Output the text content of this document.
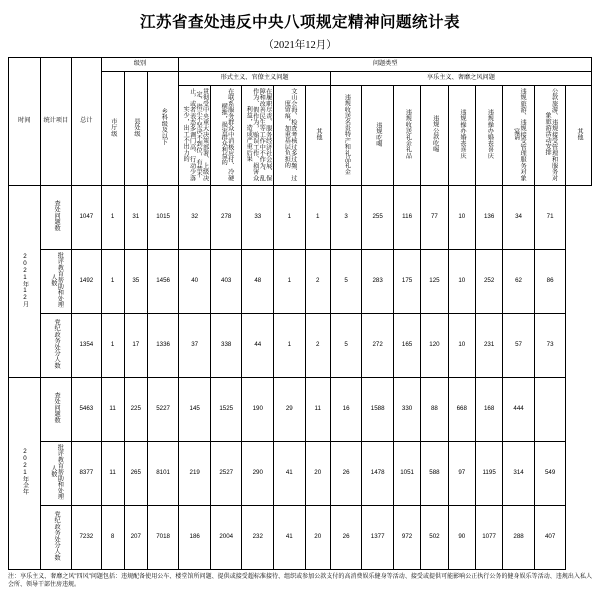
江苏省查处违反中央八项规定精神问题统计表
（2021年12月）
时间	统计项目	总计	级别			问题类型													
			市厅级	县处级	乡科级及以下	形式主义、官僚主义问题					享乐主义、奢靡之风问题								
						贯彻受中央重大决策部署、上级决定、指示不坚决不到位，有禁不止，或者表态多调门高、行动少落实少，出工不出力的	在联系服务群众中消极应付、冷硬横推，损害群众利益的	在履职尽责、服务经济社会展、保障和改善民生等工作中不作为、乱作为、假作为，贻误工作、损害众利益，造成严重后果	文山会海、检查考核过多过频、过度留痕，加重基层负担的	其他	违规收送名贵特产和礼品礼金	违规吃喝	违规收送礼金礼品	违规公款吃喝	违规操办婚丧喜庆	违规操办婚丧喜庆	违规旅游、违规接受管理服务对象宴请	公款旅游、违规接受管理和服务对象旅游活动安排	其他
2021年12月	查处问题数	1047	1	31	1015	32	278	33	1	1	3	255	116	77	10	136	34	71	
	批评教育帮助和处理人数	1492	1	35	1456	40	403	48	1	2	5	283	175	125	10	252	62	86	
	党纪政务处分人数	1354	1	17	1336	37	338	44	1	2	5	272	165	120	10	231	57	73	
2021年全年	查处问题数	5463	11	225	5227	145	1525	190	29	11	16	1588	330	88	668	168	444		
	批评教育帮助和处理人数	8377	11	265	8101	219	2527	290	41	20	26	1478	1051	588	97	1195	314	549	
	党纪政务处分人数	7232	8	207	7018	186	2004	232	41	20	26	1377	972	502	90	1077	288	407	
注：享乐主义、奢靡之风"四风"问题包括：违规配备使用公车、楼堂馆所问题、提供或接受超标准接待、组织或参加公款支付的高消费娱乐健身等活动、接受或提供可能影响公正执行公务的健身娱乐等活动、违规出入私人会所、领导干部住房违规。
